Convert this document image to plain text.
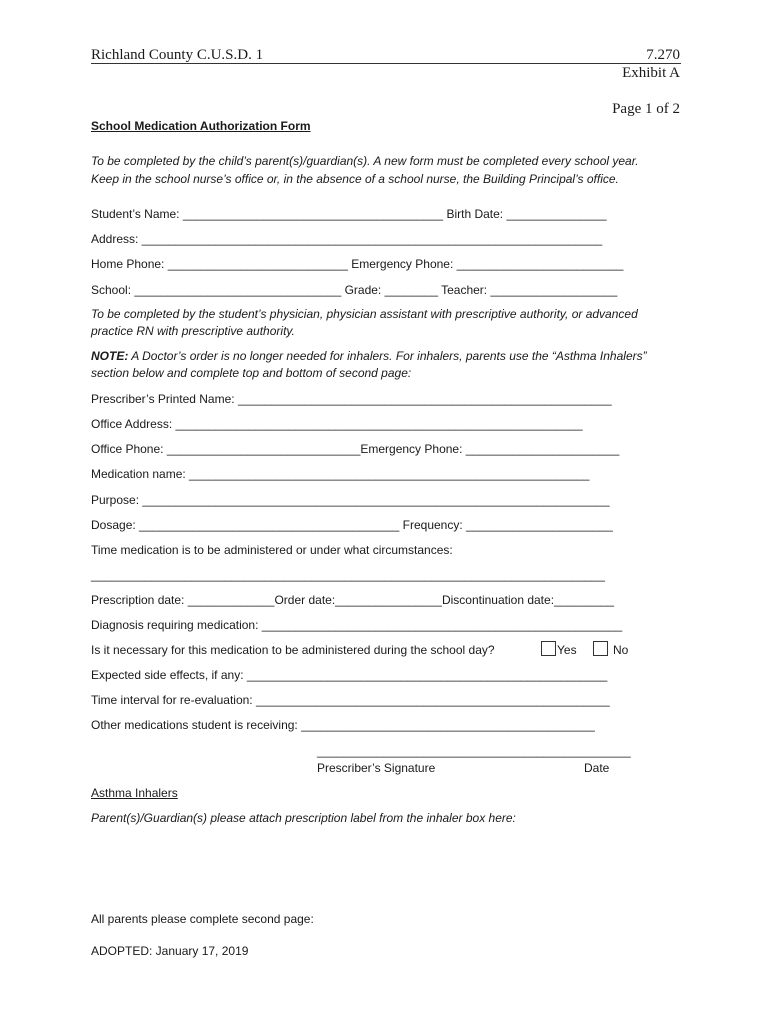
Richland County C.U.S.D. 1	7.270
Exhibit A
Page 1 of 2
School Medication Authorization Form
To be completed by the child’s parent(s)/guardian(s). A new form must be completed every school year.
Keep in the school nurse’s office or, in the absence of a school nurse, the Building Principal’s office.
Student’s Name: _______________________________________ Birth Date: _______________
Address: _____________________________________________________________________
Home Phone: ___________________________ Emergency Phone: _________________________
School: _______________________________ Grade: ________ Teacher: ___________________
To be completed by the student’s physician, physician assistant with prescriptive authority, or advanced
practice RN with prescriptive authority.
NOTE: A Doctor’s order is no longer needed for inhalers. For inhalers, parents use the “Asthma Inhalers”
section below and complete top and bottom of second page:
Prescriber’s Printed Name: ________________________________________________________
Office Address: _____________________________________________________________
Office Phone: _____________________________Emergency Phone: _______________________
Medication name: ____________________________________________________________
Purpose: ______________________________________________________________________
Dosage: _______________________________________ Frequency: ______________________
Time medication is to be administered or under what circumstances:
_____________________________________________________________________________
Prescription date: _____________Order date:________________Discontinuation date:_________
Diagnosis requiring medication: ______________________________________________________
Is it necessary for this medication to be administered during the school day?	Yes	No
Expected side effects, if any: ______________________________________________________
Time interval for re-evaluation: _____________________________________________________
Other medications student is receiving: ____________________________________________
_______________________________________________
Prescriber’s Signature	Date
Asthma Inhalers
Parent(s)/Guardian(s) please attach prescription label from the inhaler box here:
All parents please complete second page:
ADOPTED: January 17, 2019
